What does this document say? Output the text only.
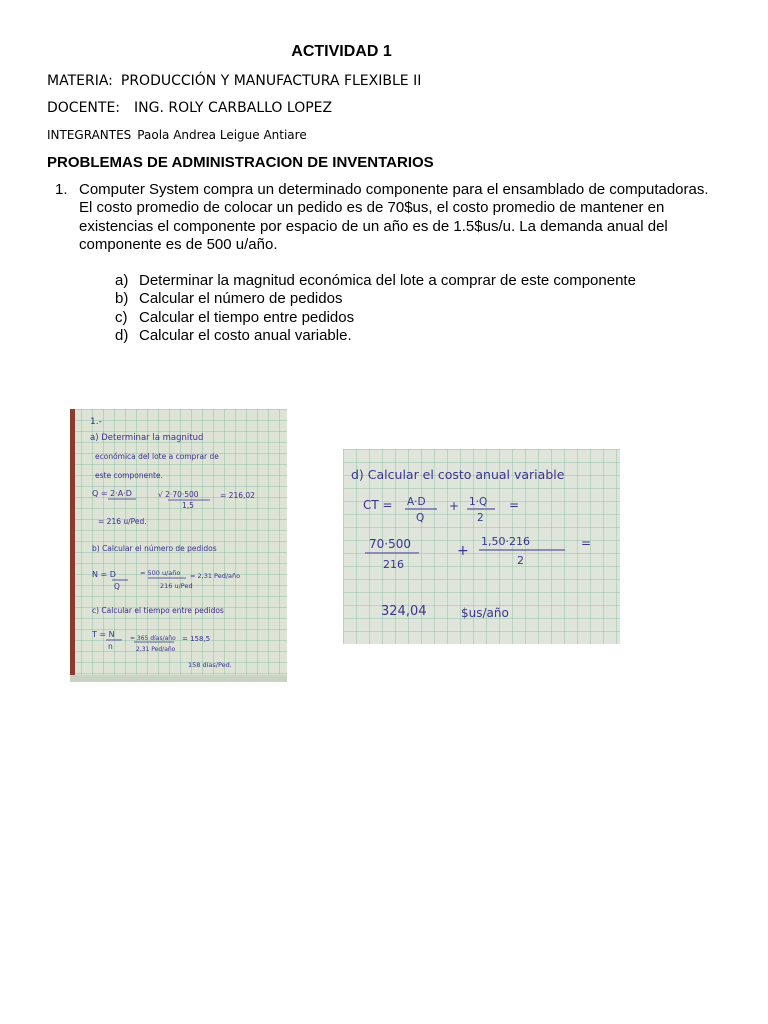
ACTIVIDAD 1
MATERIA: PRODUCCIÓN Y MANUFACTURA FLEXIBLE II
DOCENTE: ING. ROLY CARBALLO LOPEZ
INTEGRANTES Paola Andrea Leigue Antiare
PROBLEMAS DE ADMINISTRACION DE INVENTARIOS
1. Computer System compra un determinado componente para el ensamblado de computadoras. El costo promedio de colocar un pedido es de 70$us, el costo promedio de mantener en existencias el componente por espacio de un año es de 1.5$us/u. La demanda anual del componente es de 500 u/año.
a) Determinar la magnitud económica del lote a comprar de este componente
b) Calcular el número de pedidos
c) Calcular el tiempo entre pedidos
d) Calcular el costo anual variable.
1.-
a) Determinar la magnitud
económica del lote a comprar de
este componente.
Q = 2·A·D	√ 2·70·500
1,5
= 216,02
= 216 u/Ped.
b) Calcular el número de pedidos
N = D
Q
= 500 u/año
216 u/Ped
= 2,31 Ped/año
c) Calcular el tiempo entre pedidos
T = N
n
= 365 días/año
2,31 Ped/año
= 158,5
158 días/Ped.
d) Calcular el costo anual variable
CT = A·D
Q
+ 1·Q
2
=
70·500
216
+
1,50·216
2
=
324,04	$us/año
